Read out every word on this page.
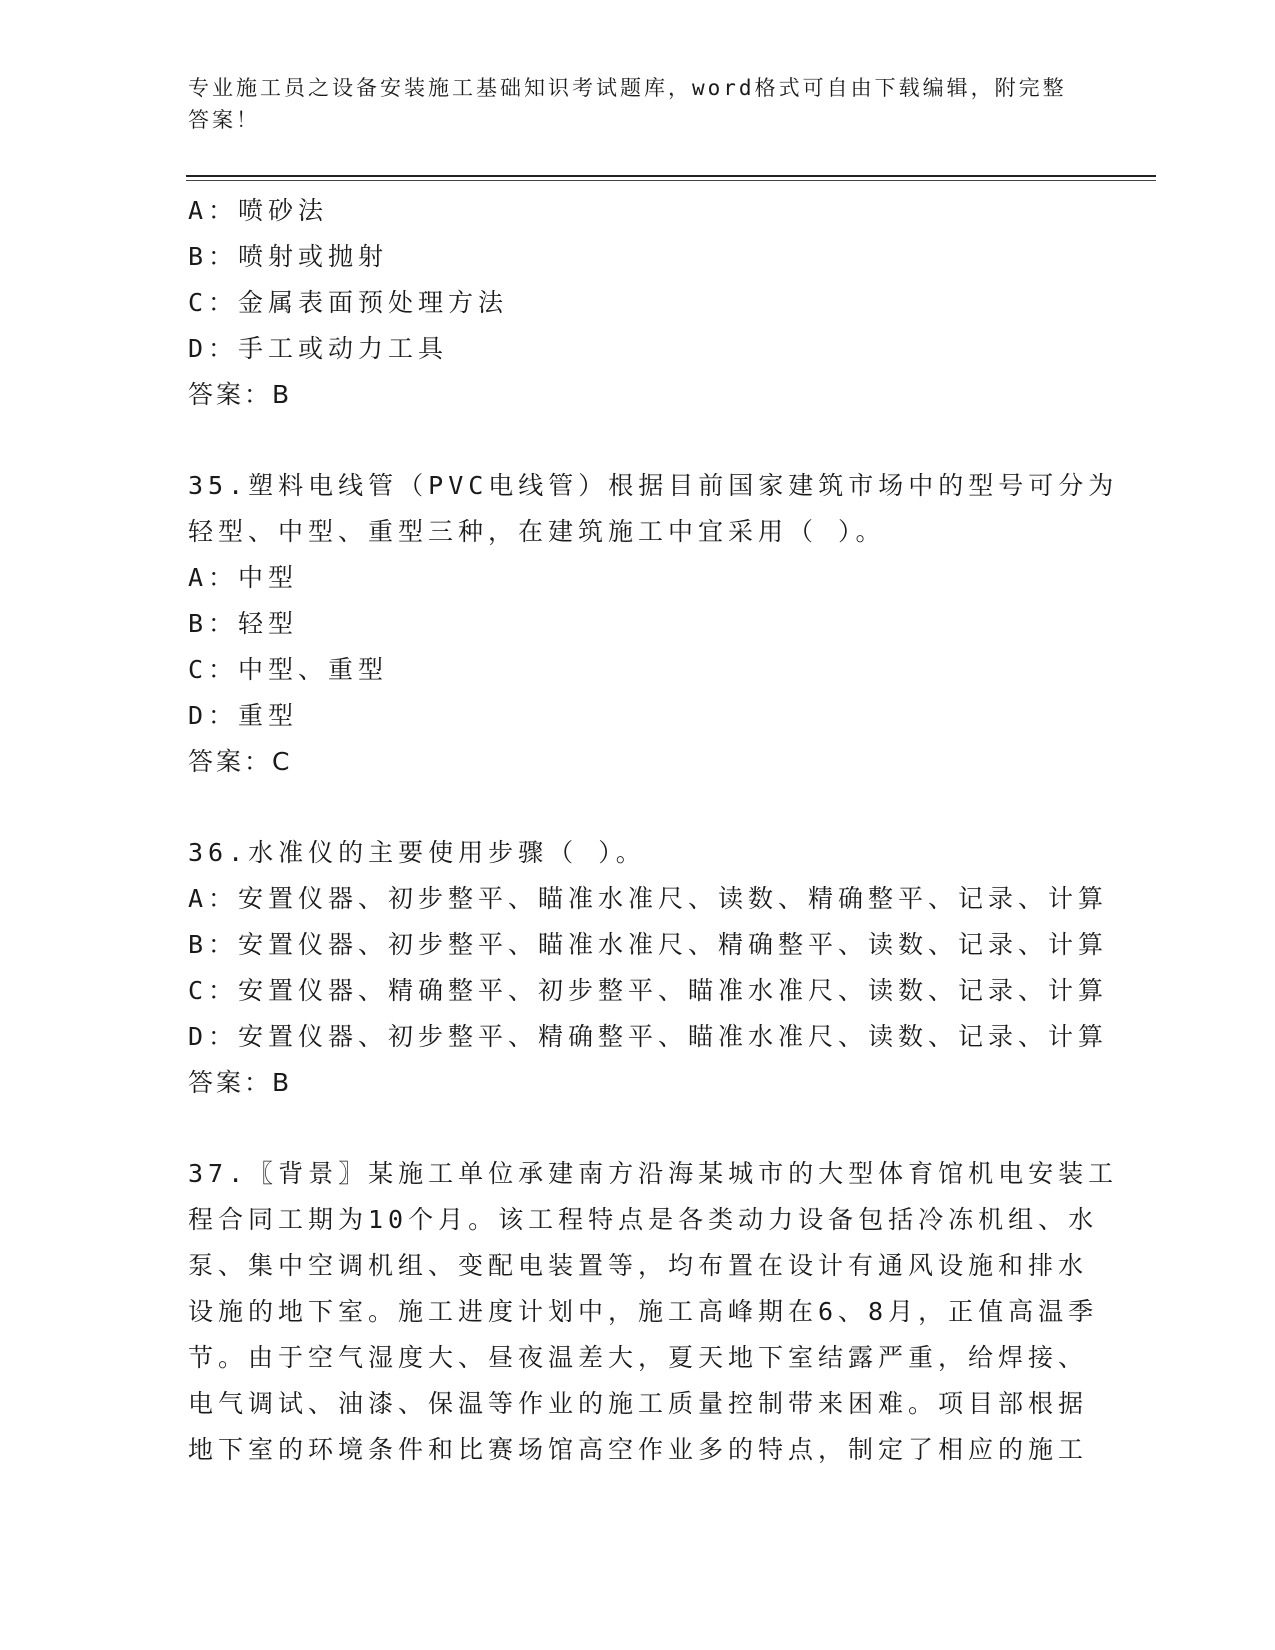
专业施工员之设备安装施工基础知识考试题库，word格式可自由下载编辑，附完整答案！
A：喷砂法
B：喷射或抛射
C：金属表面预处理方法
D：手工或动力工具
答案：B
35.塑料电线管（PVC电线管）根据目前国家建筑市场中的型号可分为
轻型、中型、重型三种，在建筑施工中宜采用（ ）。
A：中型
B：轻型
C：中型、重型
D：重型
答案：C
36.水准仪的主要使用步骤（ ）。
A：安置仪器、初步整平、瞄准水准尺、读数、精确整平、记录、计算
B：安置仪器、初步整平、瞄准水准尺、精确整平、读数、记录、计算
C：安置仪器、精确整平、初步整平、瞄准水准尺、读数、记录、计算
D：安置仪器、初步整平、精确整平、瞄准水准尺、读数、记录、计算
答案：B
37.〖背景〗某施工单位承建南方沿海某城市的大型体育馆机电安装工
程合同工期为10个月。该工程特点是各类动力设备包括冷冻机组、水
泵、集中空调机组、变配电装置等，均布置在设计有通风设施和排水
设施的地下室。施工进度计划中，施工高峰期在6、8月，正值高温季
节。由于空气湿度大、昼夜温差大，夏天地下室结露严重，给焊接、
电气调试、油漆、保温等作业的施工质量控制带来困难。项目部根据
地下室的环境条件和比赛场馆高空作业多的特点，制定了相应的施工
